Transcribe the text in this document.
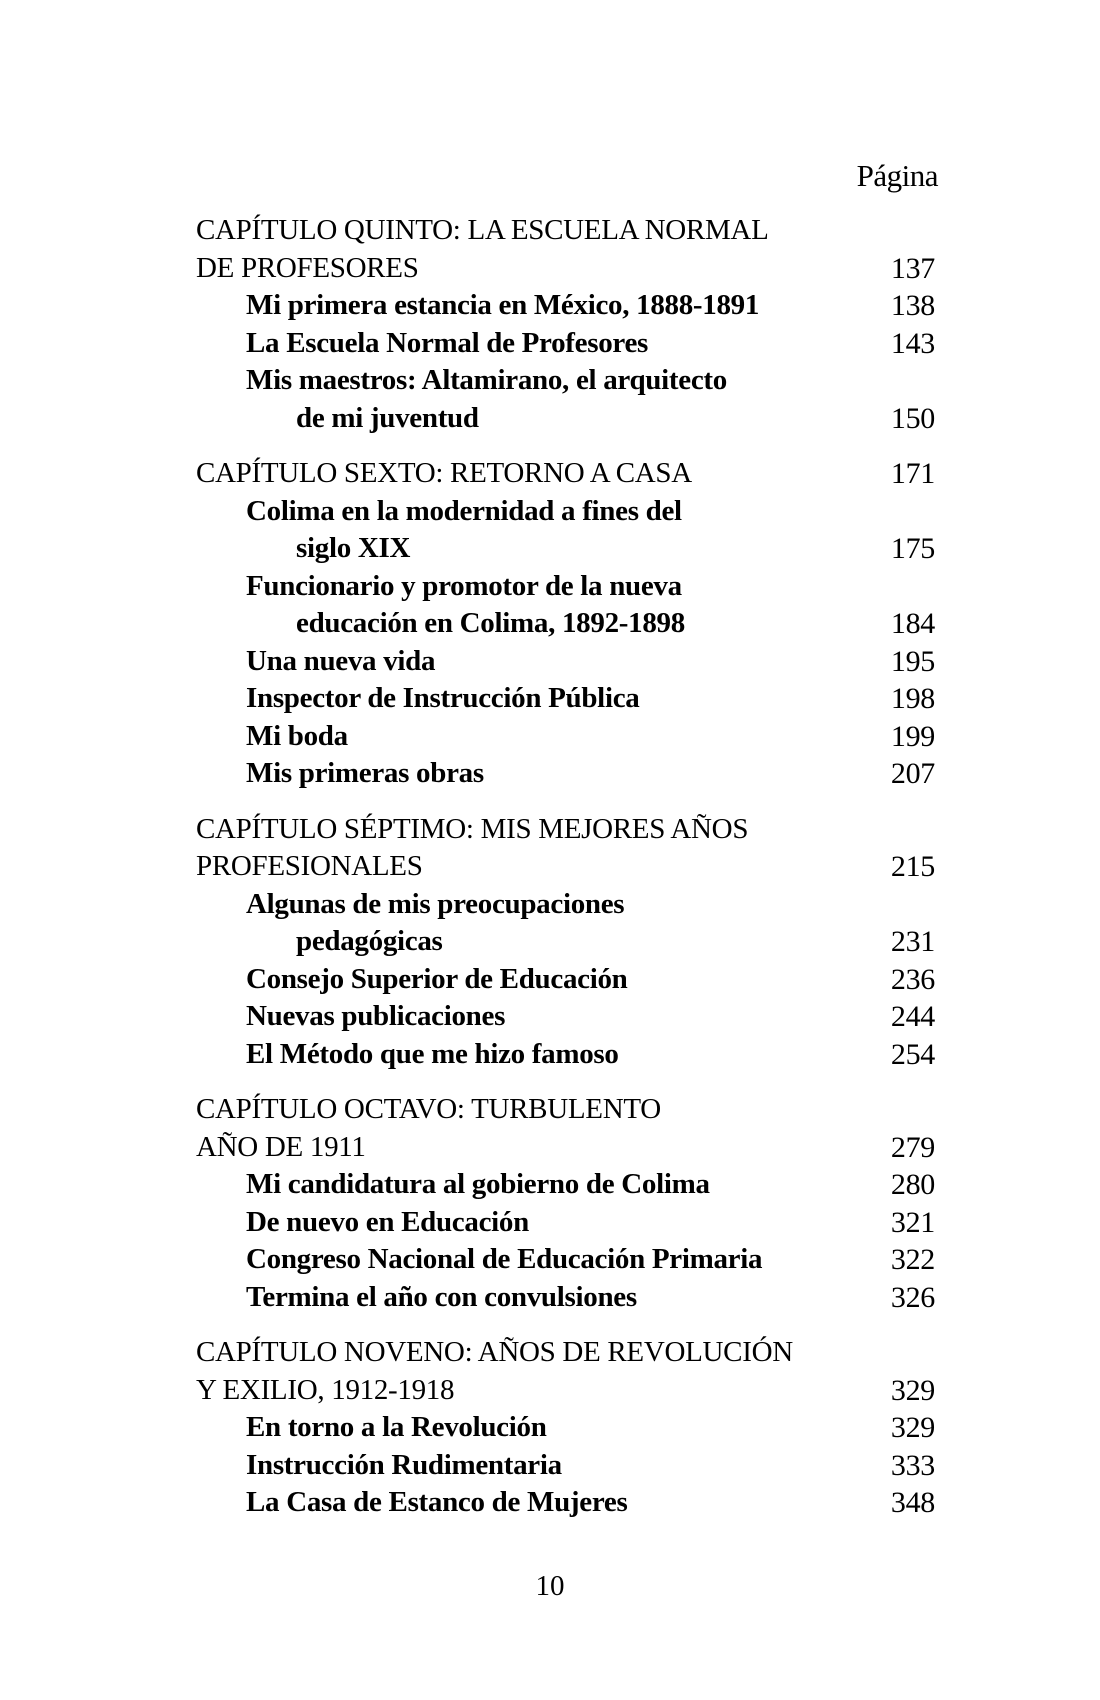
Página
CAPÍTULO QUINTO: LA ESCUELA NORMAL
DE PROFESORES	137
Mi primera estancia en México, 1888-1891	138
La Escuela Normal de Profesores	143
Mis maestros: Altamirano, el arquitecto
de mi juventud	150
CAPÍTULO SEXTO: RETORNO A CASA	171
Colima en la modernidad a fines del
siglo XIX	175
Funcionario y promotor de la nueva
educación en Colima, 1892-1898	184
Una nueva vida	195
Inspector de Instrucción Pública	198
Mi boda	199
Mis primeras obras	207
CAPÍTULO SÉPTIMO: MIS MEJORES AÑOS
PROFESIONALES	215
Algunas de mis preocupaciones
pedagógicas	231
Consejo Superior de Educación	236
Nuevas publicaciones	244
El Método que me hizo famoso	254
CAPÍTULO OCTAVO: TURBULENTO
AÑO DE 1911	279
Mi candidatura al gobierno de Colima	280
De nuevo en Educación	321
Congreso Nacional de Educación Primaria	322
Termina el año con convulsiones	326
CAPÍTULO NOVENO: AÑOS DE REVOLUCIÓN
Y EXILIO, 1912-1918	329
En torno a la Revolución	329
Instrucción Rudimentaria	333
La Casa de Estanco de Mujeres	348
10
